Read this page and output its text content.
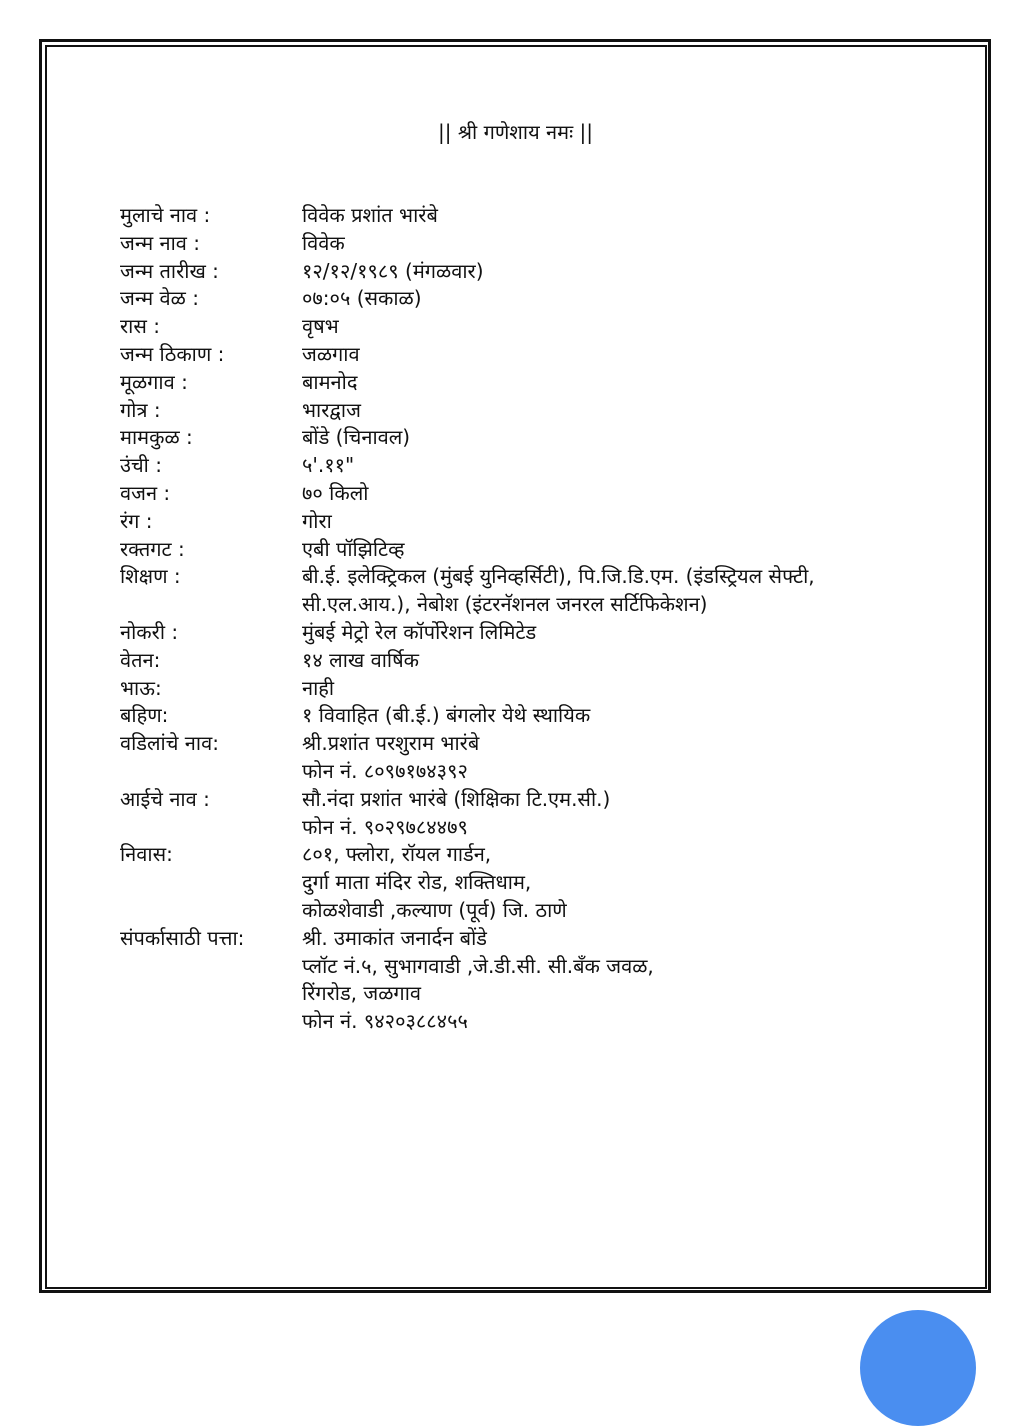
|| श्री गणेशाय नमः ||
मुलाचे नाव :	विवेक प्रशांत भारंबे
जन्म नाव :	विवेक
जन्म तारीख :	१२/१२/१९८९ (मंगळवार)
जन्म वेळ :	०७:०५ (सकाळ)
रास :	वृषभ
जन्म ठिकाण :	जळगाव
मूळगाव :	बामनोद
गोत्र :	भारद्वाज
मामकुळ :	बोंडे (चिनावल)
उंची :	५'.११"
वजन :	७० किलो
रंग :	गोरा
रक्तगट :	एबी पॉझिटिव्ह
शिक्षण :	बी.ई. इलेक्ट्रिकल (मुंबई युनिव्हर्सिटी), पि.जि.डि.एम. (इंडस्ट्रियल सेफ्टी,
सी.एल.आय.), नेबोश (इंटरनॅशनल जनरल सर्टिफिकेशन)
नोकरी :	मुंबई मेट्रो रेल कॉर्पोरेशन लिमिटेड
वेतन:	१४ लाख वार्षिक
भाऊ:	नाही
बहिण:	१ विवाहित (बी.ई.) बंगलोर येथे स्थायिक
वडिलांचे नाव:	श्री.प्रशांत परशुराम भारंबे
फोन नं. ८०९७१७४३९२
आईचे नाव :	सौ.नंदा प्रशांत भारंबे (शिक्षिका टि.एम.सी.)
फोन नं. ९०२९७८४४७९
निवास:	८०१, फ्लोरा, रॉयल गार्डन,
दुर्गा माता मंदिर रोड, शक्तिधाम,
कोळशेवाडी ,कल्याण (पूर्व) जि. ठाणे
संपर्कासाठी पत्ता:	श्री. उमाकांत जनार्दन बोंडे
प्लॉट नं.५, सुभागवाडी ,जे.डी.सी. सी.बँक जवळ,
रिंगरोड, जळगाव
फोन नं. ९४२०३८८४५५
